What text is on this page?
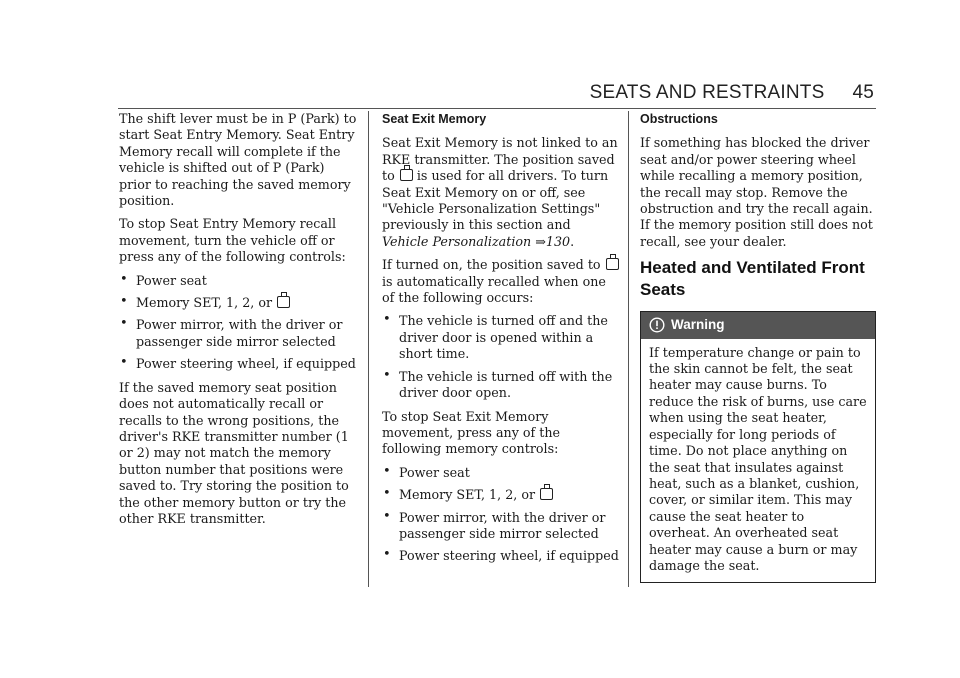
SEATS AND RESTRAINTS 45

The shift lever must be in P (Park) to start Seat Entry Memory. Seat Entry Memory recall will complete if the vehicle is shifted out of P (Park) prior to reaching the saved memory position.

To stop Seat Entry Memory recall movement, turn the vehicle off or press any of the following controls:

• Power seat
• Memory SET, 1, 2, or
• Power mirror, with the driver or passenger side mirror selected
• Power steering wheel, if equipped

If the saved memory seat position does not automatically recall or recalls to the wrong positions, the driver's RKE transmitter number (1 or 2) may not match the memory button number that positions were saved to. Try storing the position to the other memory button or try the other RKE transmitter.

Seat Exit Memory

Seat Exit Memory is not linked to an RKE transmitter. The position saved to is used for all drivers. To turn Seat Exit Memory on or off, see "Vehicle Personalization Settings" previously in this section and Vehicle Personalization ⇒130.

If turned on, the position saved to  is automatically recalled when one of the following occurs:

• The vehicle is turned off and the driver door is opened within a short time.
• The vehicle is turned off with the driver door open.

To stop Seat Exit Memory movement, press any of the following memory controls:

• Power seat
• Memory SET, 1, 2, or
• Power mirror, with the driver or passenger side mirror selected
• Power steering wheel, if equipped
Obstructions

If something has blocked the driver seat and/or power steering wheel while recalling a memory position, the recall may stop. Remove the obstruction and try the recall again. If the memory position still does not recall, see your dealer.

Heated and Ventilated Front Seats
Warning
If temperature change or pain to the skin cannot be felt, the seat heater may cause burns. To reduce the risk of burns, use care when using the seat heater, especially for long periods of time. Do not place anything on the seat that insulates against heat, such as a blanket, cushion, cover, or similar item. This may cause the seat heater to overheat. An overheated seat heater may cause a burn or may damage the seat.
